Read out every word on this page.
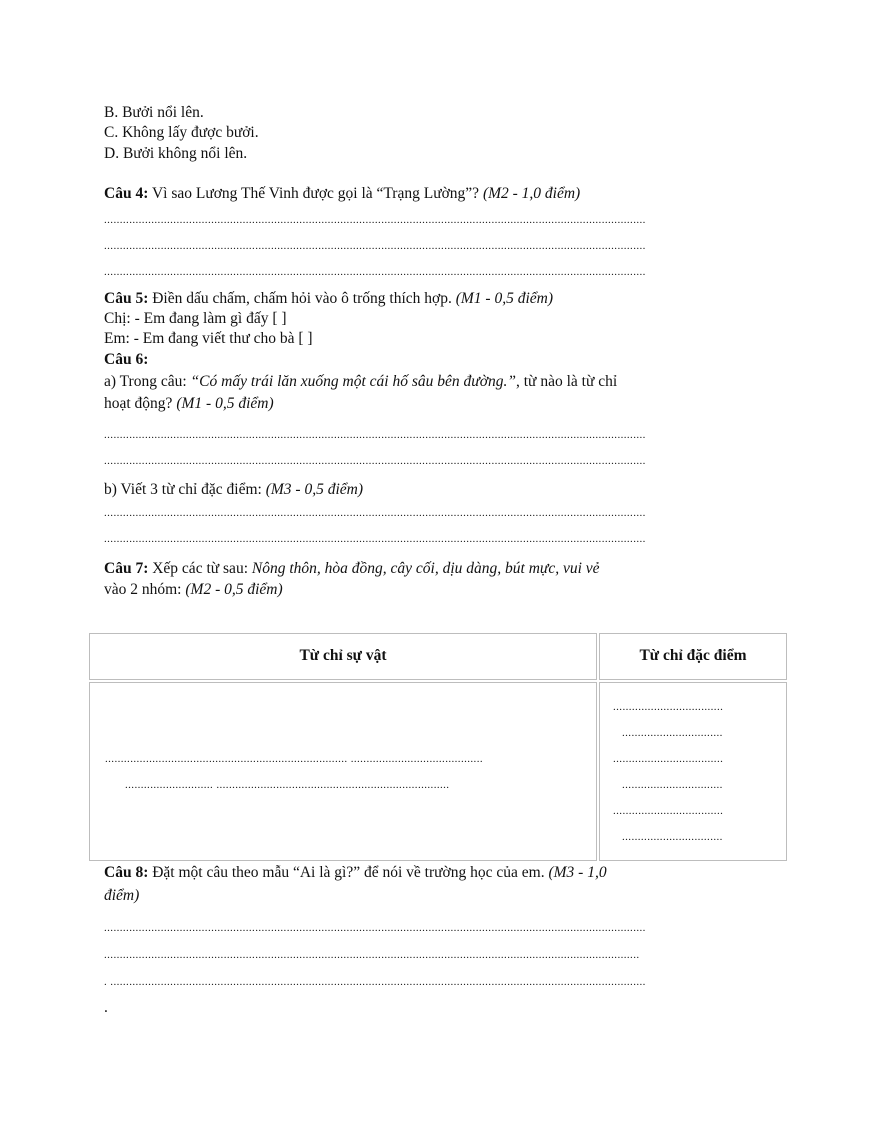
B. Bưởi nổi lên.
C. Không lấy được bưởi.
D. Bưởi không nổi lên.
Câu 4: Vì sao Lương Thế Vinh được gọi là “Trạng Lường”? (M2 - 1,0 điểm)
............................................................................................................................................................................
............................................................................................................................................................................
............................................................................................................................................................................
Câu 5: Điền dấu chấm, chấm hỏi vào ô trống thích hợp. (M1 - 0,5 điểm)
Chị: - Em đang làm gì đấy [ ]
Em: - Em đang viết thư cho bà [ ]
Câu 6:
a) Trong câu: “Có mấy trái lăn xuống một cái hố sâu bên đường.”, từ nào là từ chỉ
hoạt động? (M1 - 0,5 điểm)
............................................................................................................................................................................
............................................................................................................................................................................
b) Viết 3 từ chỉ đặc điểm: (M3 - 0,5 điểm)
............................................................................................................................................................................
............................................................................................................................................................................
Câu 7: Xếp các từ sau: Nông thôn, hòa đồng, cây cối, dịu dàng, bút mực, vui vẻ
vào 2 nhóm: (M2 - 0,5 điểm)
Từ chỉ sự vật	Từ chỉ đặc điểm
............................................................................. ..........................................
............................ ..........................................................................
...................................
................................
...................................
................................
...................................
................................
Câu 8: Đặt một câu theo mẫu “Ai là gì?” để nói về trường học của em. (M3 - 1,0
điểm)
............................................................................................................................................................................
..........................................................................................................................................................................
. ..........................................................................................................................................................................
.
